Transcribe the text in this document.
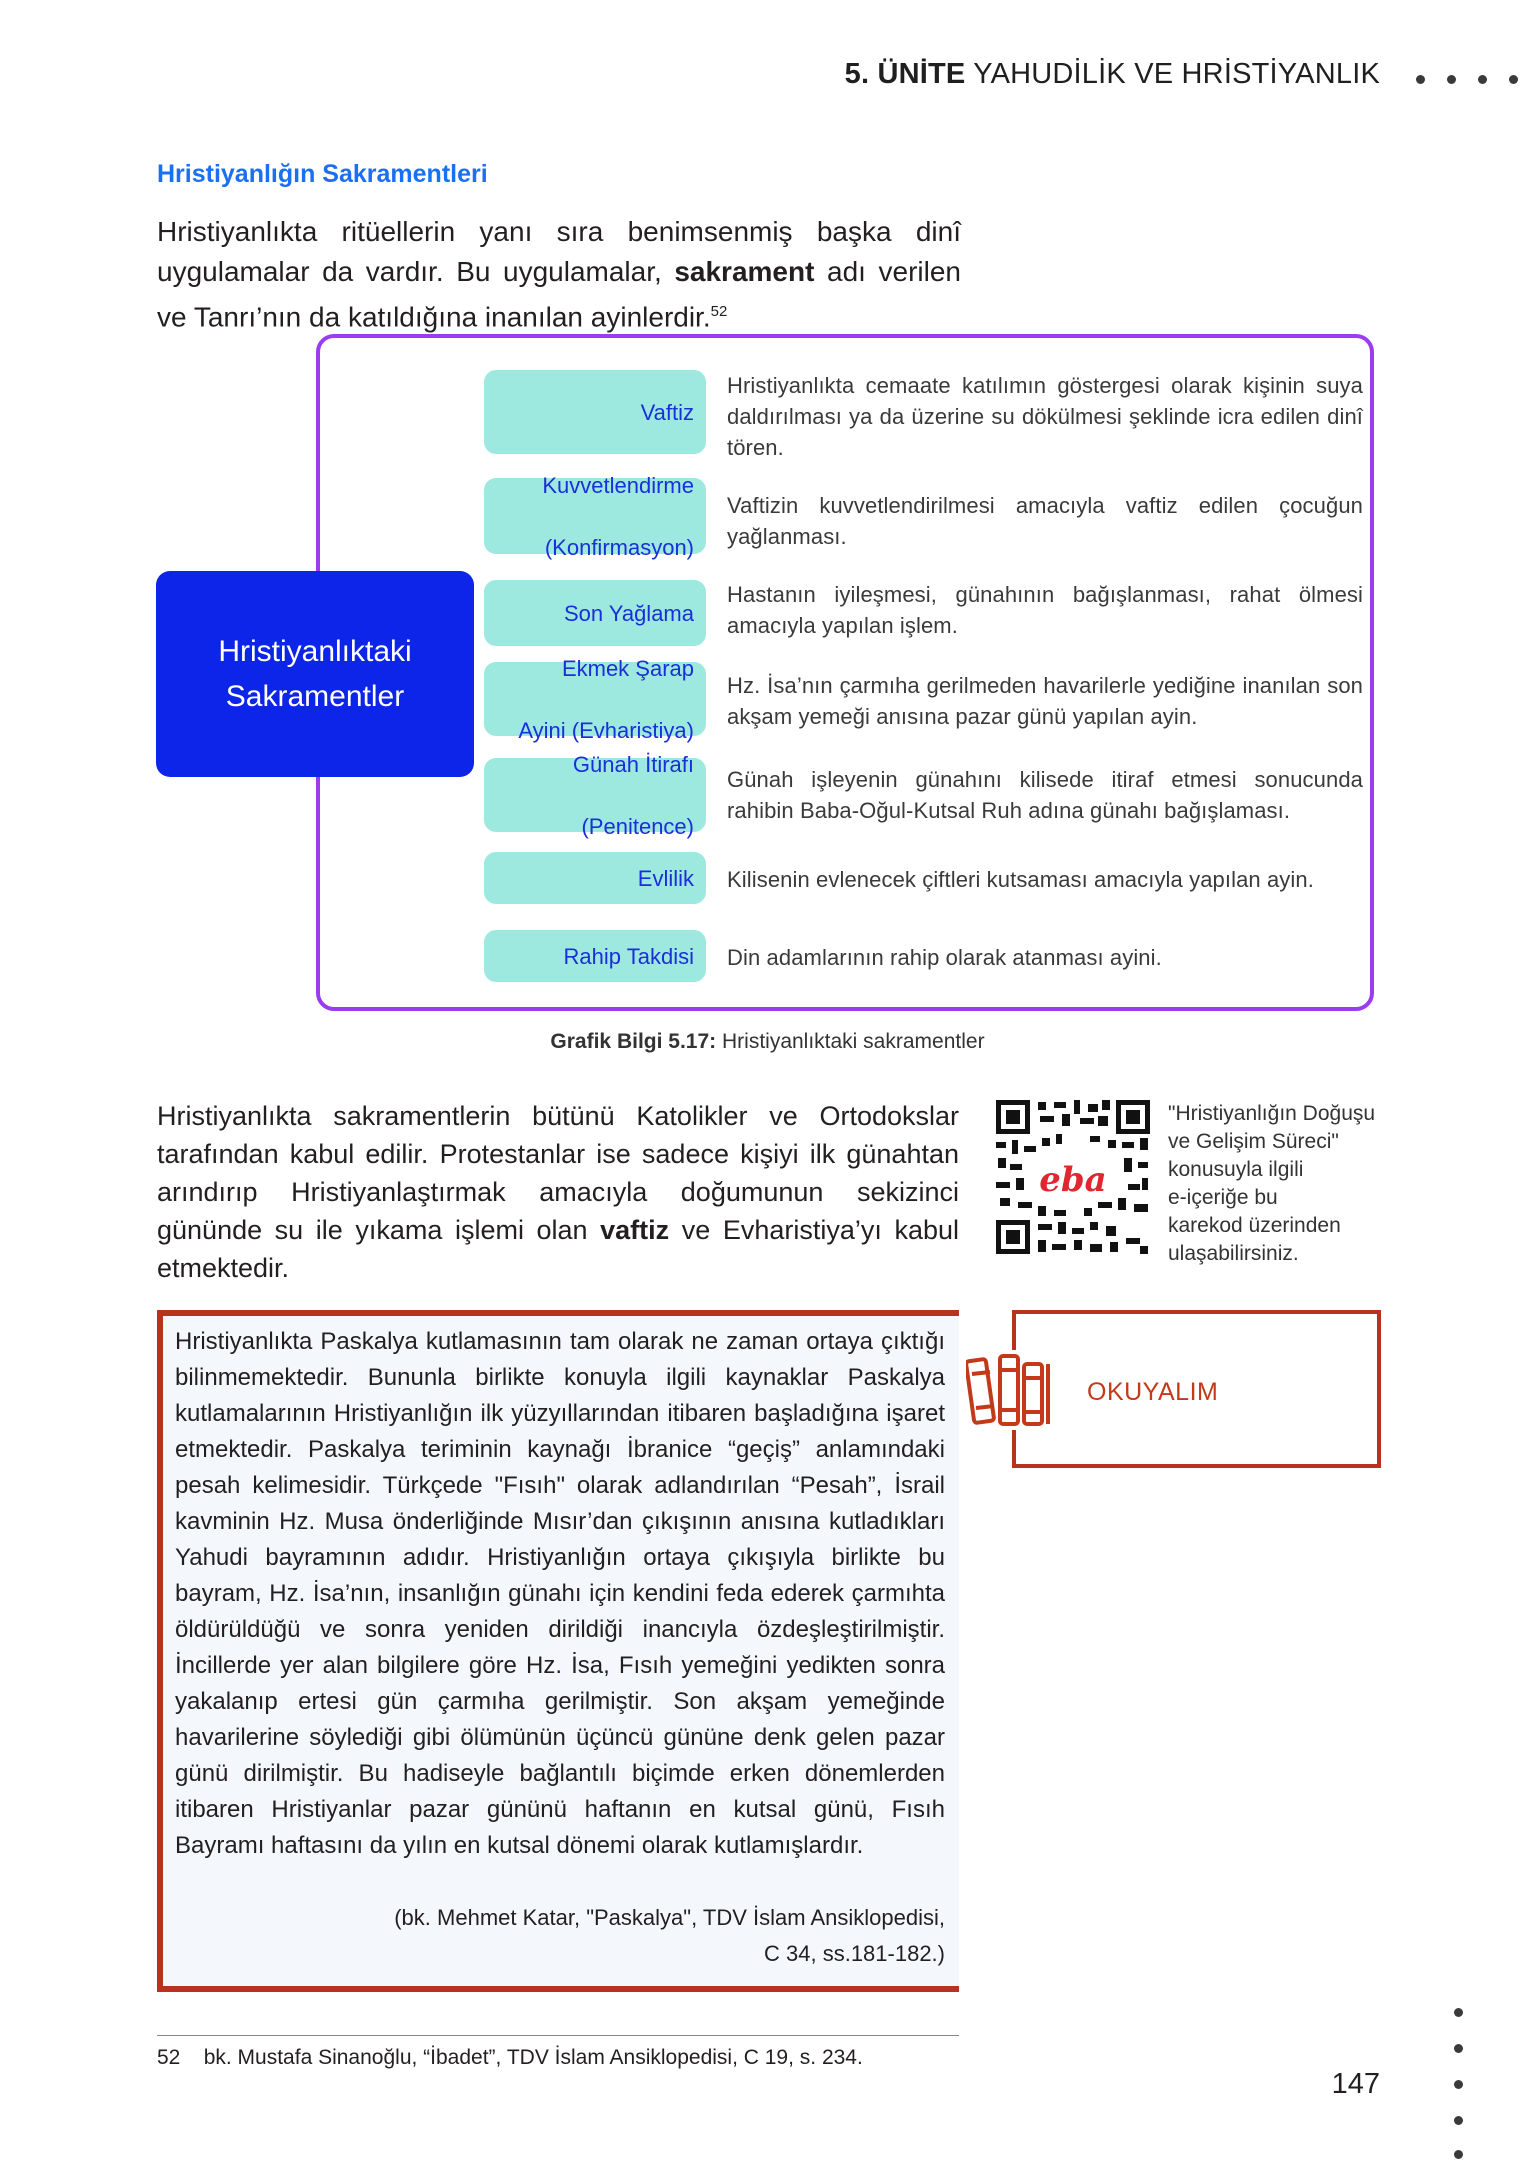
5. ÜNİTE YAHUDİLİK VE HRİSTİYANLIK
Hristiyanlığın Sakramentleri
Hristiyanlıkta ritüellerin yanı sıra benimsenmiş başka dinî uygulamalar da vardır. Bu uygulamalar, sakrament adı verilen ve Tanrı’nın da katıldığına inanılan ayinlerdir.$^{52}$
Hristiyanlıktaki
Sakramentler
Vaftiz
Hristiyanlıkta cemaate katılımın göstergesi olarak kişinin suya daldırılması ya da üzerine su dökülmesi şeklinde icra edilen dinî tören.
Kuvvetlendirme

(Konfirmasyon)
Vaftizin kuvvetlendirilmesi amacıyla vaftiz edilen çocuğun yağlanması.
Son Yağlama
Hastanın iyileşmesi, günahının bağışlanması, rahat ölmesi amacıyla yapılan işlem.
Ekmek Şarap

Ayini (Evharistiya)
Hz. İsa’nın çarmıha gerilmeden havarilerle yediğine inanılan son akşam yemeği anısına pazar günü yapılan ayin.
Günah İtirafı

(Penitence)
Günah işleyenin günahını kilisede itiraf etmesi sonucunda rahibin Baba-Oğul-Kutsal Ruh adına günahı bağışlaması.
Evlilik Kilisenin evlenecek çiftleri kutsaması amacıyla yapılan ayin.
Rahip Takdisi Din adamlarının rahip olarak atanması ayini.
Grafik Bilgi 5.17: Hristiyanlıktaki sakramentler
Hristiyanlıkta sakramentlerin bütünü Katolikler ve Ortodokslar tarafından kabul edilir. Protestanlar ise sadece kişiyi ilk günahtan arındırıp Hristiyanlaştırmak amacıyla doğumunun sekizinci gününde su ile yıkama işlemi olan vaftiz ve Evharistiya’yı kabul etmektedir.
eba
"Hristiyanlığın Doğuşu
ve Gelişim Süreci"
konusuyla ilgili
e-içeriğe bu
karekod üzerinden
ulaşabilirsiniz.
Hristiyanlıkta Paskalya kutlamasının tam olarak ne zaman ortaya çıktığı bilinmemektedir. Bununla birlikte konuyla ilgili kaynaklar Paskalya kutlamalarının Hristiyanlığın ilk yüzyıllarından itibaren başladığına işaret etmektedir. Paskalya teriminin kaynağı İbranice “geçiş” anlamındaki pesah kelimesidir. Türkçede "Fısıh" olarak adlandırılan “Pesah”, İsrail kavminin Hz. Musa önderliğinde Mısır’dan çıkışının anısına kutladıkları Yahudi bayramının adıdır. Hristiyanlığın ortaya çıkışıyla birlikte bu bayram, Hz. İsa’nın, insanlığın günahı için kendini feda ederek çarmıhta öldürüldüğü ve sonra yeniden dirildiği inancıyla özdeşleştirilmiştir. İncillerde yer alan bilgilere göre Hz. İsa, Fısıh yemeğini yedikten sonra yakalanıp ertesi gün çarmıha gerilmiştir. Son akşam yemeğinde havarilerine söylediği gibi ölümünün üçüncü gününe denk gelen pazar günü dirilmiştir. Bu hadiseyle bağlantılı biçimde erken dönemlerden itibaren Hristiyanlar pazar gününü haftanın en kutsal günü, Fısıh Bayramı haftasını da yılın en kutsal dönemi olarak kutlamışlardır.
(bk. Mehmet Katar, "Paskalya", TDV İslam Ansiklopedisi,
C 34, ss.181-182.)
OKUYALIM
52 bk. Mustafa Sinanoğlu, “İbadet”, TDV İslam Ansiklopedisi, C 19, s. 234.
147
